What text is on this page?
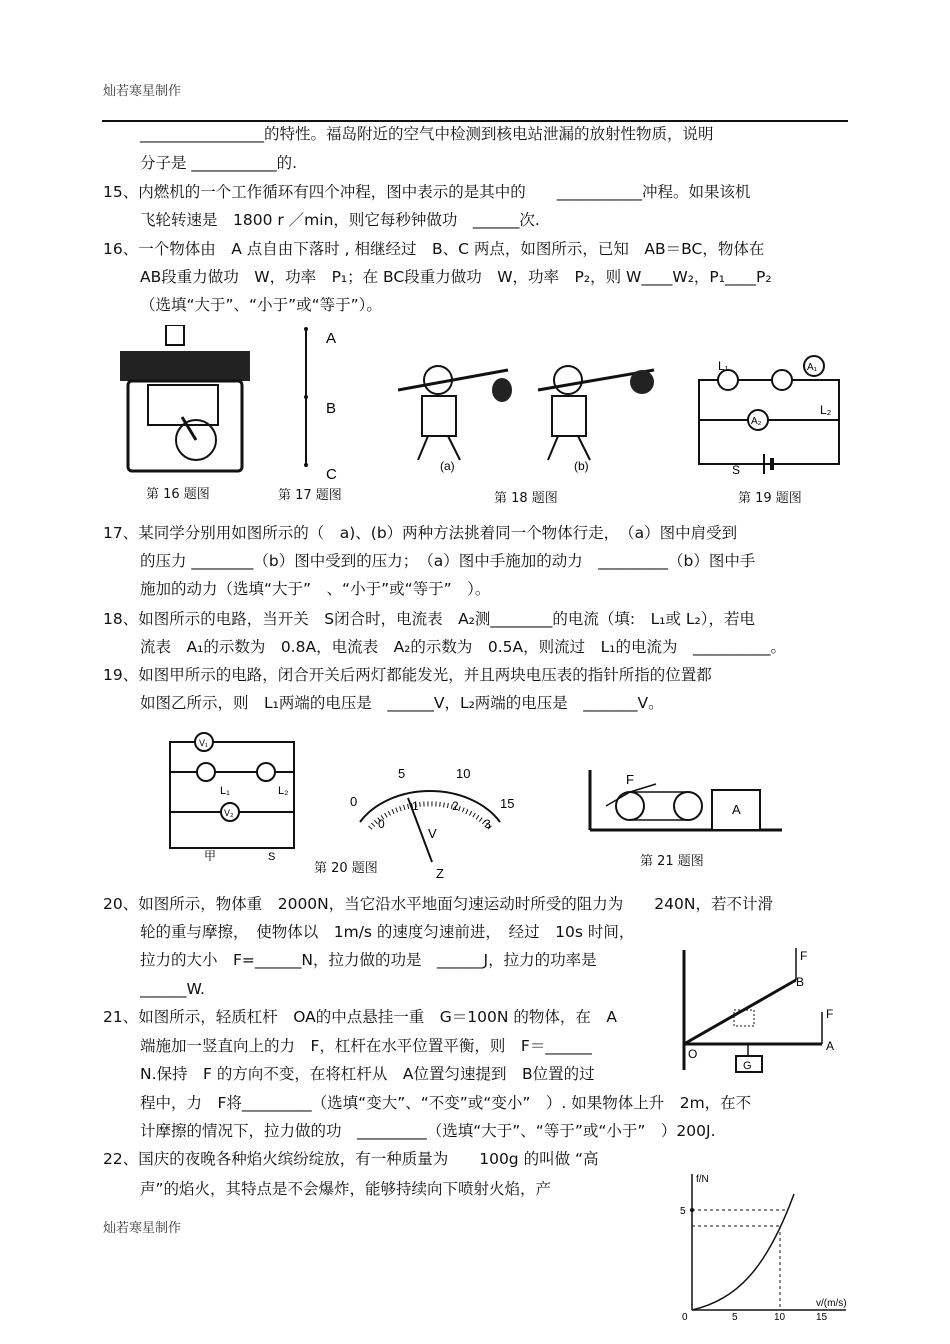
灿若寒星制作
________________的特性。福岛附近的空气中检测到核电站泄漏的放射性物质，说明
分子是 ___________的.
15、内燃机的一个工作循环有四个冲程，图中表示的是其中的　　___________冲程。如果该机
飞轮转速是　1800 r ／min，则它每秒钟做功　______次.
16、一个物体由　A 点自由下落时 , 相继经过　B、C 两点，如图所示，已知　AB＝BC，物体在
AB段重力做功　W，功率　P₁；在 BC段重力做功　W，功率　P₂，则 W____W₂，P₁____P₂
（选填“大于”、“小于”或“等于”）。
第 16 题图
A
B
C
第 17 题图
(a)	(b)
第 18 题图
L₁
L₂
A₁
A₂
S
第 19 题图
17、某同学分别用如图所示的（　a)、(b）两种方法挑着同一个物体行走，　（a）图中肩受到
的压力 ________（b）图中受到的压力；　（a）图中手施加的动力　_________（b）图中手
施加的动力（选填“大于”　、“小于”或“等于”　）。
18、如图所示的电路，当开关　S闭合时，电流表　A₂测________的电流（填:　L₁或 L₂），若电
流表　A₁的示数为　0.8A，电流表　A₂的示数为　0.5A，则流过　L₁的电流为　__________。
19、如图甲所示的电路，闭合开关后两灯都能发光，并且两块电压表的指针所指的位置都
如图乙所示，则　L₁两端的电压是　______V，L₂两端的电压是　_______V。
V₁
V₂
L₁	L₂
S
甲
0
5	10
15
0
1	2
3
V
Z
第 20 题图
F
A
第 21 题图
20、如图所示，物体重　2000N，当它沿水平地面匀速运动时所受的阻力为　　240N，若不计滑
轮的重与摩擦，　使物体以　1m/s 的速度匀速前进，　经过　10s 时间，
拉力的大小　F=______N，拉力做的功是　______J，拉力的功率是
______W.
21、如图所示，轻质杠杆　OA的中点悬挂一重　G＝100N 的物体，在　A
端施加一竖直向上的力　F，杠杆在水平位置平衡，则　F＝______
N.保持　F 的方向不变，在将杠杆从　A位置匀速提到　B位置的过
程中，力　F将_________（选填“变大”、“不变”或“变小”　）. 如果物体上升　2m，在不
计摩擦的情况下，拉力做的功　_________（选填“大于”、“等于”或“小于”　）200J.
22、国庆的夜晚各种焰火缤纷绽放，有一种质量为　　100g 的叫做 “高
声”的焰火，其特点是不会爆炸，能够持续向下喷射火焰，产
F
F
B
A
O
G
f/N
v/(m/s)
5
0	5	10	15
灿若寒星制作
